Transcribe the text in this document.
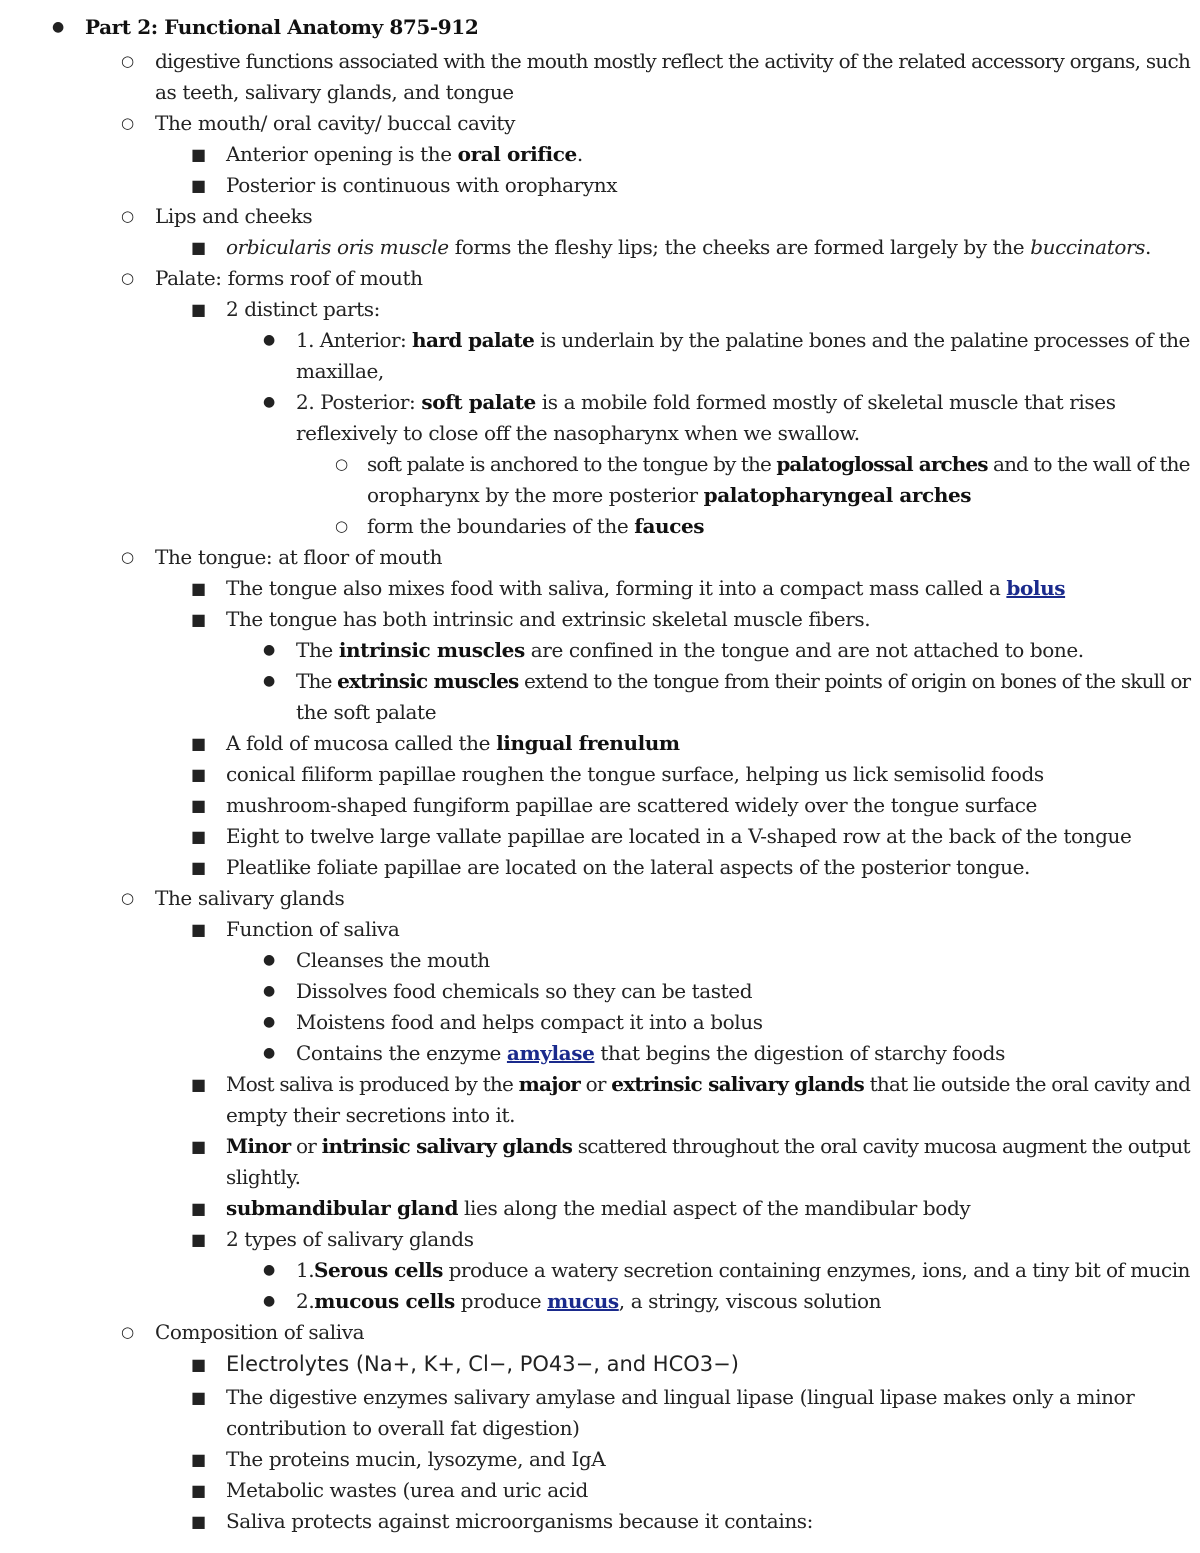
● Part 2: Functional Anatomy 875-912
○ digestive functions associated with the mouth mostly reflect the activity of the related accessory organs, such
as teeth, salivary glands, and tongue
○ The mouth/ oral cavity/ buccal cavity
■ Anterior opening is the oral orifice.
■ Posterior is continuous with oropharynx
○ Lips and cheeks
■ orbicularis oris muscle forms the fleshy lips; the cheeks are formed largely by the buccinators.
○ Palate: forms roof of mouth
■ 2 distinct parts:
● 1. Anterior: hard palate is underlain by the palatine bones and the palatine processes of the
maxillae,
● 2. Posterior: soft palate is a mobile fold formed mostly of skeletal muscle that rises
reflexively to close off the nasopharynx when we swallow.
○ soft palate is anchored to the tongue by the palatoglossal arches and to the wall of the
oropharynx by the more posterior palatopharyngeal arches
○ form the boundaries of the fauces
○ The tongue: at floor of mouth
■ The tongue also mixes food with saliva, forming it into a compact mass called a bolus
■ The tongue has both intrinsic and extrinsic skeletal muscle fibers.
● The intrinsic muscles are confined in the tongue and are not attached to bone.
● The extrinsic muscles extend to the tongue from their points of origin on bones of the skull or
the soft palate
■ A fold of mucosa called the lingual frenulum
■ conical filiform papillae roughen the tongue surface, helping us lick semisolid foods
■ mushroom-shaped fungiform papillae are scattered widely over the tongue surface
■ Eight to twelve large vallate papillae are located in a V-shaped row at the back of the tongue
■ Pleatlike foliate papillae are located on the lateral aspects of the posterior tongue.
○ The salivary glands
■ Function of saliva
● Cleanses the mouth
● Dissolves food chemicals so they can be tasted
● Moistens food and helps compact it into a bolus
● Contains the enzyme amylase that begins the digestion of starchy foods
■ Most saliva is produced by the major or extrinsic salivary glands that lie outside the oral cavity and
empty their secretions into it.
■ Minor or intrinsic salivary glands scattered throughout the oral cavity mucosa augment the output
slightly.
■ submandibular gland lies along the medial aspect of the mandibular body
■ 2 types of salivary glands
● 1.Serous cells produce a watery secretion containing enzymes, ions, and a tiny bit of mucin
● 2.mucous cells produce mucus, a stringy, viscous solution
○ Composition of saliva
■ Electrolytes (Na+, K+, Cl−, PO43−, and HCO3−)
■ The digestive enzymes salivary amylase and lingual lipase (lingual lipase makes only a minor
contribution to overall fat digestion)
■ The proteins mucin, lysozyme, and IgA
■ Metabolic wastes (urea and uric acid
■ Saliva protects against microorganisms because it contains:
